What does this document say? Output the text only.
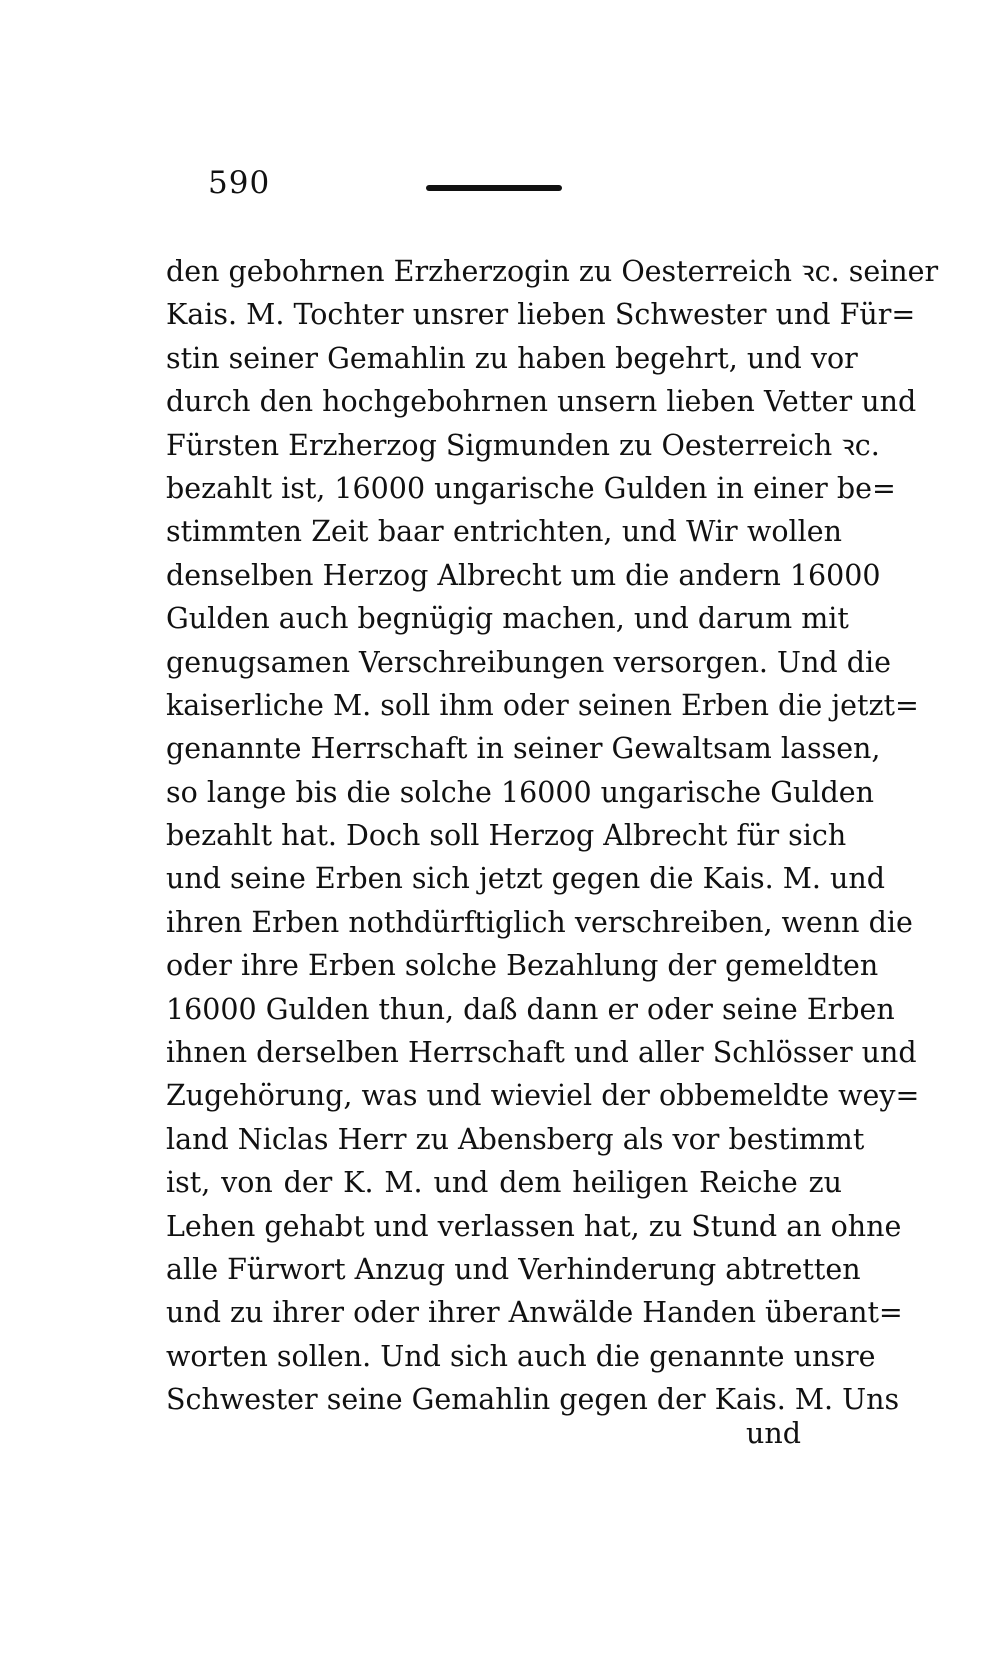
590
den gebohrnen Erzherzogin zu Oesterreich ꝛc. seiner
Kais. M. Tochter unsrer lieben Schwester und Für=
stin seiner Gemahlin zu haben begehrt, und vor
durch den hochgebohrnen unsern lieben Vetter und
Fürsten Erzherzog Sigmunden zu Oesterreich ꝛc.
bezahlt ist, 16000 ungarische Gulden in einer be=
stimmten Zeit baar entrichten, und Wir wollen
denselben Herzog Albrecht um die andern 16000
Gulden auch begnügig machen, und darum mit
genugsamen Verschreibungen versorgen. Und die
kaiserliche M. soll ihm oder seinen Erben die jetzt=
genannte Herrschaft in seiner Gewaltsam lassen,
so lange bis die solche 16000 ungarische Gulden
bezahlt hat. Doch soll Herzog Albrecht für sich
und seine Erben sich jetzt gegen die Kais. M. und
ihren Erben nothdürftiglich verschreiben, wenn die
oder ihre Erben solche Bezahlung der gemeldten
16000 Gulden thun, daß dann er oder seine Erben
ihnen derselben Herrschaft und aller Schlösser und
Zugehörung, was und wieviel der obbemeldte wey=
land Niclas Herr zu Abensberg als vor bestimmt
ist, von der K. M. und dem heiligen Reiche zu
Lehen gehabt und verlassen hat, zu Stund an ohne
alle Fürwort Anzug und Verhinderung abtretten
und zu ihrer oder ihrer Anwälde Handen überant=
worten sollen. Und sich auch die genannte unsre
Schwester seine Gemahlin gegen der Kais. M. Uns
und
